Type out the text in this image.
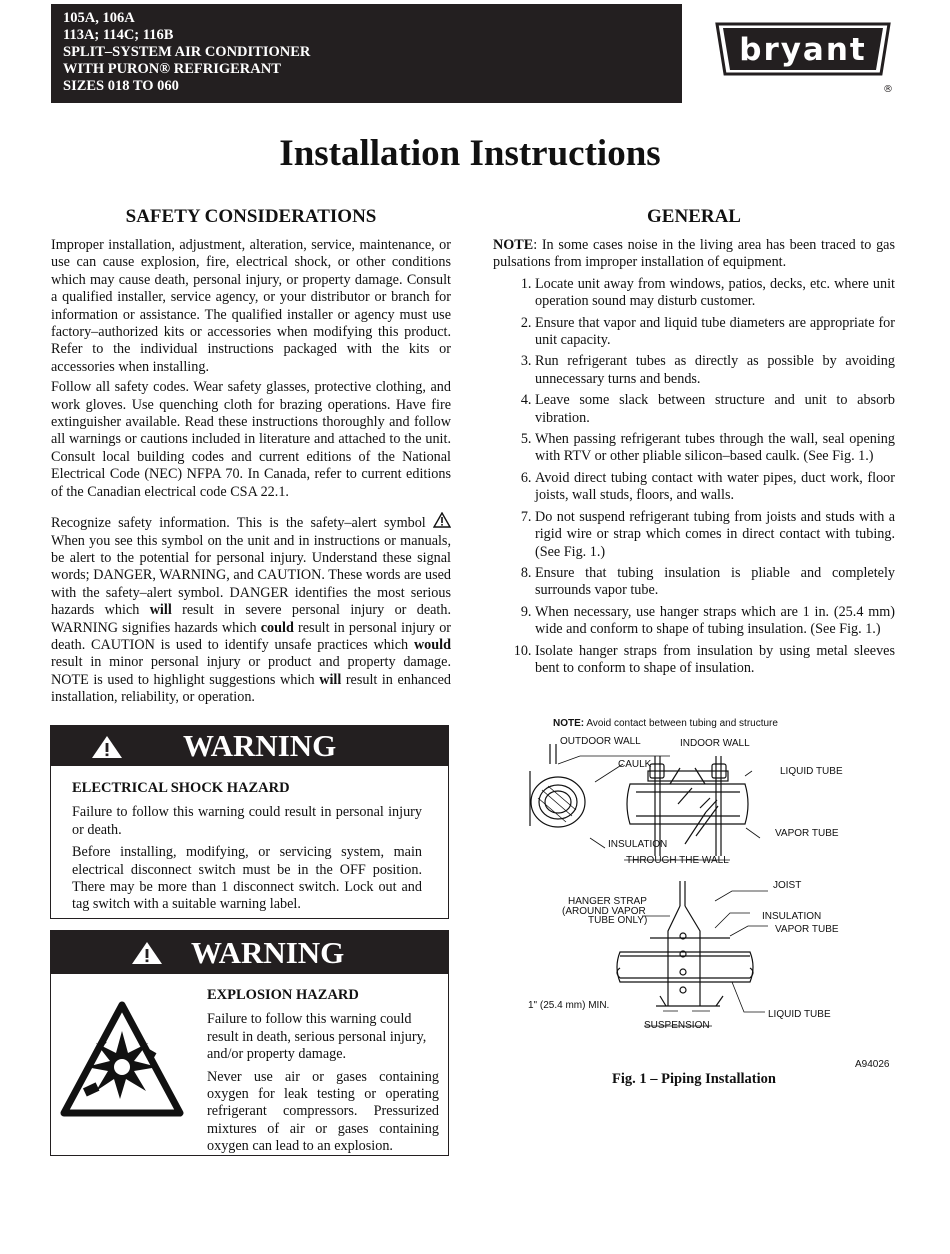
105A, 106A
113A; 114C; 116B
SPLIT–SYSTEM AIR CONDITIONER
WITH PURON® REFRIGERANT
SIZES 018 TO 060
bryant
®
Installation Instructions
SAFETY CONSIDERATIONS

Improper installation, adjustment, alteration, service, maintenance, or use can cause explosion, fire, electrical shock, or other conditions which may cause death, personal injury, or property damage. Consult a qualified installer, service agency, or your distributor or branch for information or assistance. The qualified installer or agency must use factory–authorized kits or accessories when modifying this product. Refer to the individual instructions packaged with the kits or accessories when installing.

Follow all safety codes. Wear safety glasses, protective clothing, and work gloves. Use quenching cloth for brazing operations. Have fire extinguisher available. Read these instructions thoroughly and follow all warnings or cautions included in literature and attached to the unit. Consult local building codes and current editions of the National Electrical Code (NEC) NFPA 70. In Canada, refer to current editions of the Canadian electrical code CSA 22.1.

Recognize safety information. This is the safety–alert symbol  When you see this symbol on the unit and in instructions or manuals, be alert to the potential for personal injury. Understand these signal words; DANGER, WARNING, and CAUTION. These words are used with the safety–alert symbol. DANGER identifies the most serious hazards which will result in severe personal injury or death. WARNING signifies hazards which could result in personal injury or death. CAUTION is used to identify unsafe practices which would result in minor personal injury or product and property damage. NOTE is used to highlight suggestions which will result in enhanced installation, reliability, or operation.

WARNING
ELECTRICAL SHOCK HAZARD

Failure to follow this warning could result in personal injury or death.

Before installing, modifying, or servicing system, main electrical disconnect switch must be in the OFF position. There may be more than 1 disconnect switch. Lock out and tag switch with a suitable warning label.

WARNING
EXPLOSION HAZARD

Failure to follow this warning could result in death, serious personal injury, and/or property damage.

Never use air or gases containing oxygen for leak testing or operating refrigerant compressors. Pressurized mixtures of air or gases containing oxygen can lead to an explosion.

GENERAL

NOTE: In some cases noise in the living area has been traced to gas pulsations from improper installation of equipment.

1. Locate unit away from windows, patios, decks, etc. where unit operation sound may disturb customer.
2. Ensure that vapor and liquid tube diameters are appropriate for unit capacity.
3. Run refrigerant tubes as directly as possible by avoiding unnecessary turns and bends.
4. Leave some slack between structure and unit to absorb vibration.
5. When passing refrigerant tubes through the wall, seal opening with RTV or other pliable silicon–based caulk. (See Fig. 1.)
6. Avoid direct tubing contact with water pipes, duct work, floor joists, wall studs, floors, and walls.
7. Do not suspend refrigerant tubing from joists and studs with a rigid wire or strap which comes in direct contact with tubing.(See Fig. 1.)
8. Ensure that tubing insulation is pliable and completely surrounds vapor tube.
9. When necessary, use hanger straps which are 1 in. (25.4 mm) wide and conform to shape of tubing insulation. (See Fig. 1.)
10. Isolate hanger straps from insulation by using metal sleeves bent to conform to shape of insulation.
NOTE: Avoid contact between tubing and structure
OUTDOOR WALL	INDOOR WALL
CAULK
LIQUID TUBE
VAPOR TUBE
INSULATION
THROUGH THE WALL
JOIST
HANGER STRAP
(AROUND VAPOR
TUBE ONLY)	INSULATION
VAPOR TUBE
1" (25.4 mm) MIN.
SUSPENSION
LIQUID TUBE
A94026
Fig. 1 – Piping Installation
